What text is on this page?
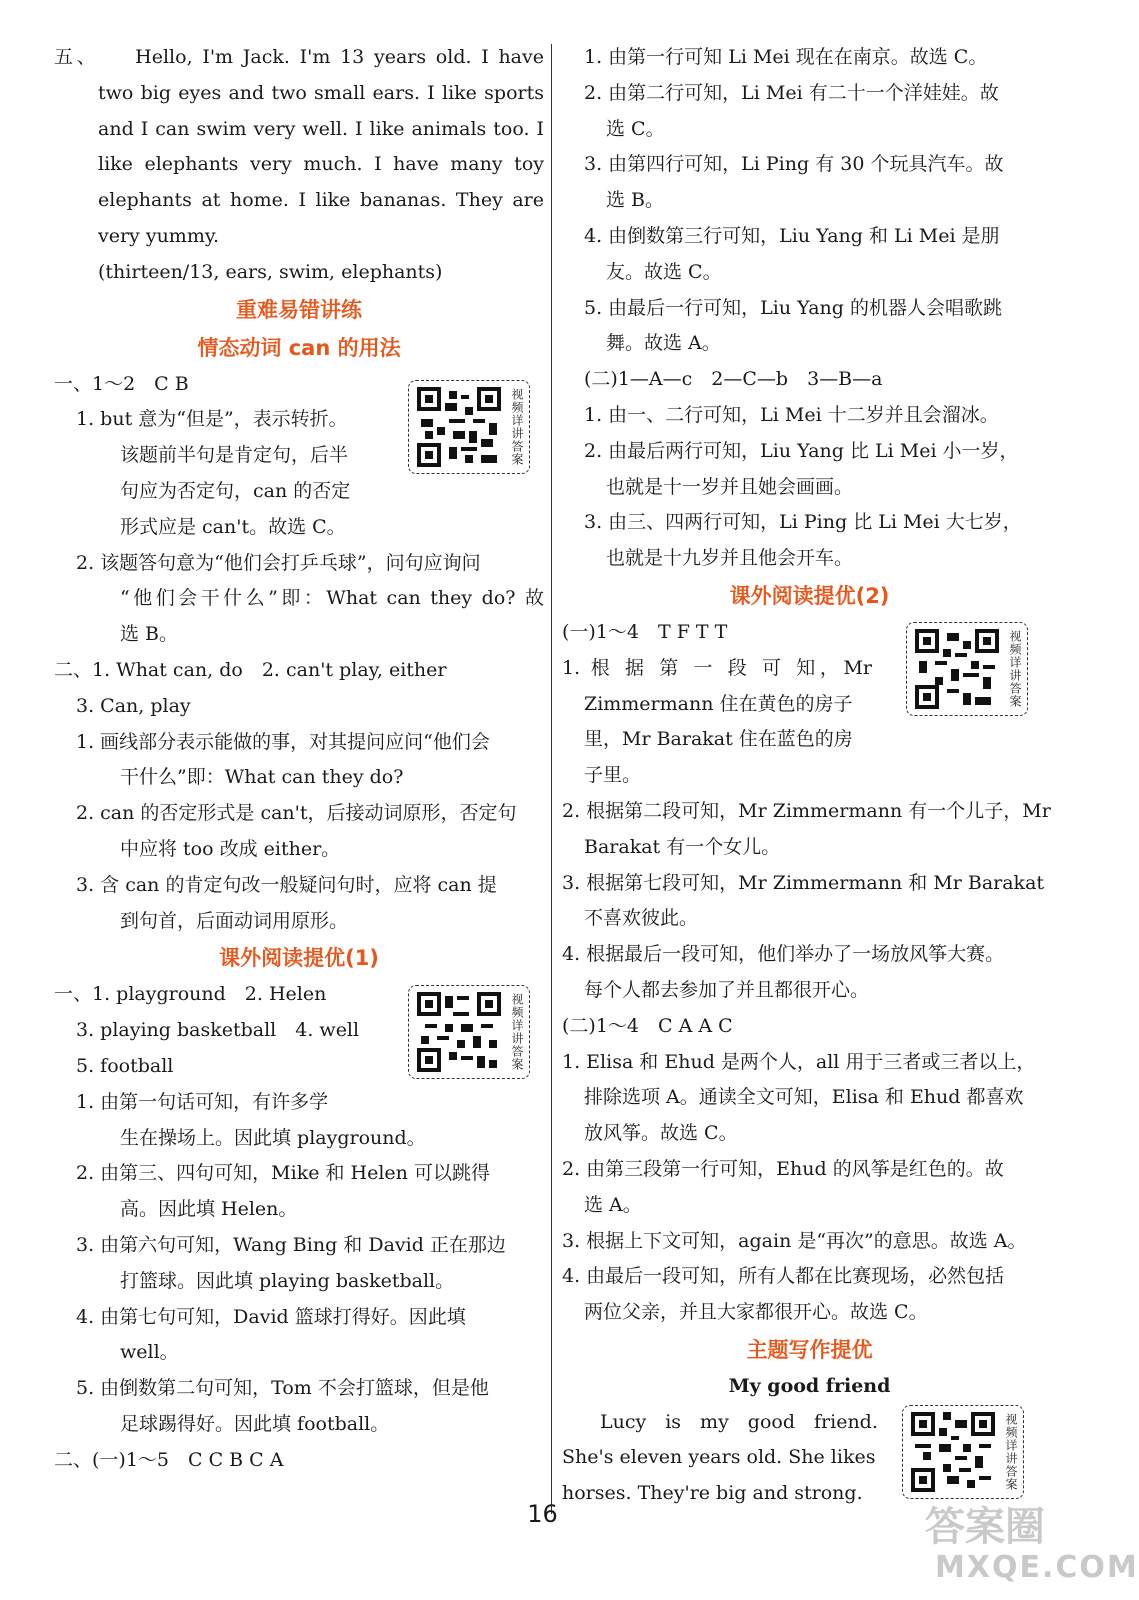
五、　　Hello, I'm Jack. I'm 13 years old. I have
two big eyes and two small ears. I like sports
and I can swim very well. I like animals too. I
like elephants very much. I have many toy
elephants at home. I like bananas. They are
very yummy.
(thirteen/13, ears, swim, elephants)
重难易错讲练
情态动词 can 的用法
一、1～2　C B
1. but 意为“但是”，表示转折。
该题前半句是肯定句，后半
句应为否定句，can 的否定
形式应是 can't。故选 C。
2. 该题答句意为“他们会打乒乓球”，问句应询问
“他们会干什么”即：What can they do? 故
选 B。
二、1. What can, do　2. can't play, either
3. Can, play
1. 画线部分表示能做的事，对其提问应问“他们会
干什么”即：What can they do?
2. can 的否定形式是 can't，后接动词原形，否定句
中应将 too 改成 either。
3. 含 can 的肯定句改一般疑问句时，应将 can 提
到句首，后面动词用原形。
课外阅读提优(1)
一、1. playground　2. Helen
3. playing basketball　4. well
5. football
1. 由第一句话可知，有许多学
生在操场上。因此填 playground。
2. 由第三、四句可知，Mike 和 Helen 可以跳得
高。因此填 Helen。
3. 由第六句可知，Wang Bing 和 David 正在那边
打篮球。因此填 playing basketball。
4. 由第七句可知，David 篮球打得好。因此填
well。
5. 由倒数第二句可知，Tom 不会打篮球，但是他
足球踢得好。因此填 football。
二、(一)1～5　C C B C A
1. 由第一行可知 Li Mei 现在在南京。故选 C。
2. 由第二行可知，Li Mei 有二十一个洋娃娃。故
选 C。
3. 由第四行可知，Li Ping 有 30 个玩具汽车。故
选 B。
4. 由倒数第三行可知，Liu Yang 和 Li Mei 是朋
友。故选 C。
5. 由最后一行可知，Liu Yang 的机器人会唱歌跳
舞。故选 A。
(二)1—A—c　2—C—b　3—B—a
1. 由一、二行可知，Li Mei 十二岁并且会溜冰。
2. 由最后两行可知，Liu Yang 比 Li Mei 小一岁，
也就是十一岁并且她会画画。
3. 由三、四两行可知，Li Ping 比 Li Mei 大七岁，
也就是十九岁并且他会开车。
课外阅读提优(2)
(一)1～4　T F T T
1. 根 据 第 一 段 可 知，Mr
Zimmermann 住在黄色的房子
里，Mr Barakat 住在蓝色的房
子里。
2. 根据第二段可知，Mr Zimmermann 有一个儿子，Mr
Barakat 有一个女儿。
3. 根据第七段可知，Mr Zimmermann 和 Mr Barakat
不喜欢彼此。
4. 根据最后一段可知，他们举办了一场放风筝大赛。
每个人都去参加了并且都很开心。
(二)1～4　C A A C
1. Elisa 和 Ehud 是两个人，all 用于三者或三者以上，
排除选项 A。通读全文可知，Elisa 和 Ehud 都喜欢
放风筝。故选 C。
2. 由第三段第一行可知，Ehud 的风筝是红色的。故
选 A。
3. 根据上下文可知，again 是“再次”的意思。故选 A。
4. 由最后一段可知，所有人都在比赛现场，必然包括
两位父亲，并且大家都很开心。故选 C。
主题写作提优
My good friend
　　Lucy　is　my　good　friend.
She's eleven years old. She likes
horses. They're big and strong.
视频详讲答案
视频详讲答案
视频详讲答案
视频详讲答案
16	答案圈
MXQE.COM
